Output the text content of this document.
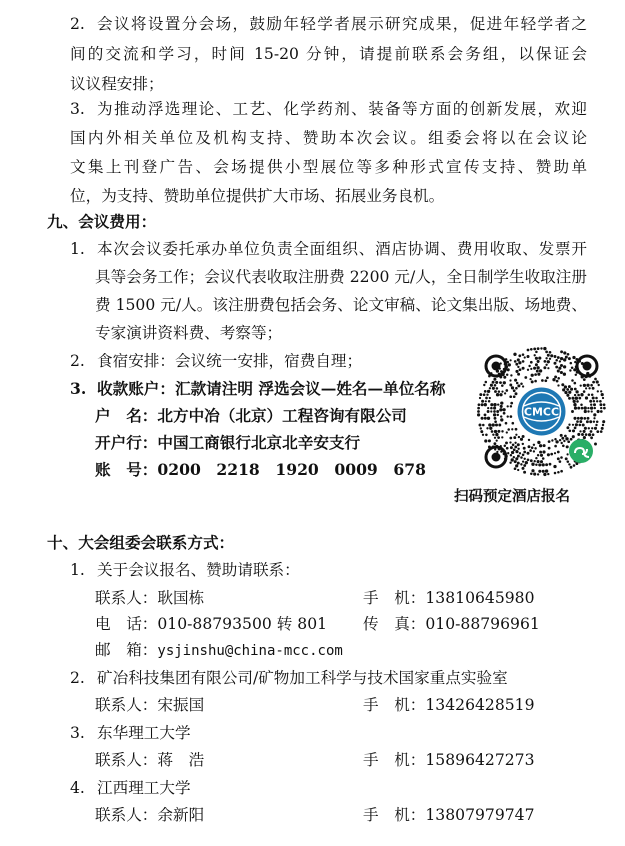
2. 会议将设置分会场，鼓励年轻学者展示研究成果，促进年轻学者之
间的交流和学习，时间 15-20 分钟，请提前联系会务组，以保证会
议议程安排；
3. 为推动浮选理论、工艺、化学药剂、装备等方面的创新发展，欢迎
国内外相关单位及机构支持、赞助本次会议。组委会将以在会议论
文集上刊登广告、会场提供小型展位等多种形式宣传支持、赞助单
位，为支持、赞助单位提供扩大市场、拓展业务良机。
九、会议费用：
1. 本次会议委托承办单位负责全面组织、酒店协调、费用收取、发票开
具等会务工作；会议代表收取注册费 2200 元/人，全日制学生收取注册
费 1500 元/人。该注册费包括会务、论文审稿、论文集出版、场地费、
专家演讲资料费、考察等；
2. 食宿安排：会议统一安排，宿费自理；
3. 收款账户：汇款请注明 浮选会议—姓名—单位名称
户　名：北方中冶（北京）工程咨询有限公司
开户行：中国工商银行北京北辛安支行
账　号：0200　2218　1920　0009　678
CMCC
扫码预定酒店报名
十、大会组委会联系方式：
1. 关于会议报名、赞助请联系：
联系人：耿国栋	手　机：13810645980
电　话：010-88793500 转 801 传　真：010-88796961
邮　箱：ysjinshu@china-mcc.com
2. 矿冶科技集团有限公司/矿物加工科学与技术国家重点实验室
联系人：宋振国	手　机：13426428519
3. 东华理工大学
联系人：蒋　浩	手　机：15896427273
4. 江西理工大学
联系人：余新阳	手　机：13807979747
